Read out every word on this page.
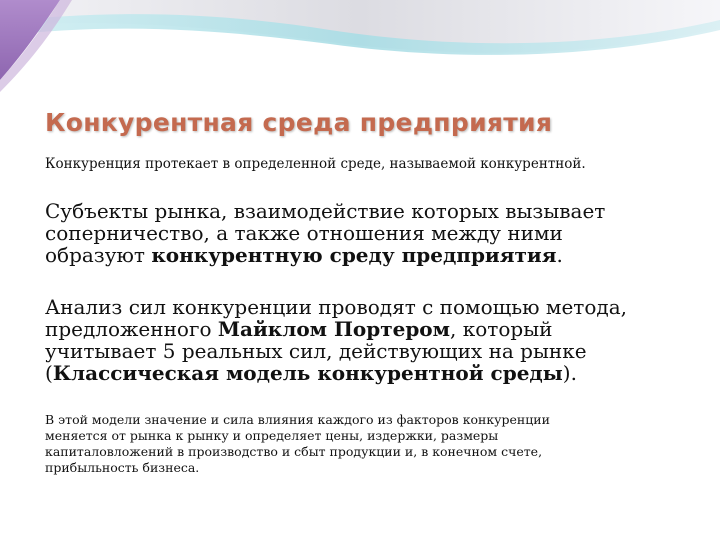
Конкурентная среда предприятия

Конкуренция протекает в определенной среде, называемой конкурентной.

Субъекты рынка, взаимодействие которых вызывает
соперничество, а также отношения между ними
образуют конкурентную среду предприятия.

Анализ сил конкуренции проводят с помощью метода,
предложенного Майклом Портером, который
учитывает 5 реальных сил, действующих на рынке
(Классическая модель конкурентной среды).

В этой модели значение и сила влияния каждого из факторов конкуренции
меняется от рынка к рынку и определяет цены, издержки, размеры
капиталовложений в производство и сбыт продукции и, в конечном счете,
прибыльность бизнеса.
